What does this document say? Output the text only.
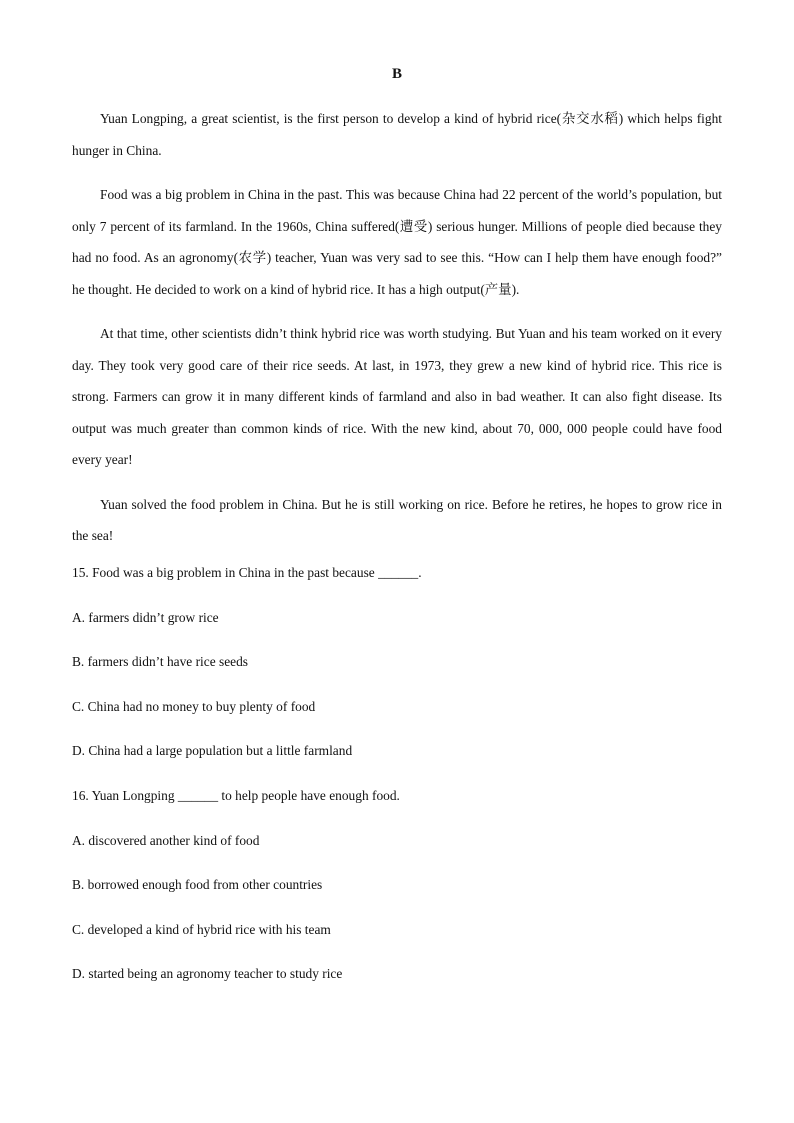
B

Yuan Longping, a great scientist, is the first person to develop a kind of hybrid rice(杂交水稻) which helps fight hunger in China.

Food was a big problem in China in the past. This was because China had 22 percent of the world’s population, but only 7 percent of its farmland. In the 1960s, China suffered(遭受) serious hunger. Millions of people died because they had no food. As an agronomy(农学) teacher, Yuan was very sad to see this. “How can I help them have enough food?” he thought. He decided to work on a kind of hybrid rice. It has a high output(产量).

At that time, other scientists didn’t think hybrid rice was worth studying. But Yuan and his team worked on it every day. They took very good care of their rice seeds. At last, in 1973, they grew a new kind of hybrid rice. This rice is strong. Farmers can grow it in many different kinds of farmland and also in bad weather. It can also fight disease. Its output was much greater than common kinds of rice. With the new kind, about 70, 000, 000 people could have food every year!

Yuan solved the food problem in China. But he is still working on rice. Before he retires, he hopes to grow rice in the sea!

15. Food was a big problem in China in the past because ______.
A. farmers didn’t grow rice
B. farmers didn’t have rice seeds
C. China had no money to buy plenty of food
D. China had a large population but a little farmland
16. Yuan Longping ______ to help people have enough food.
A. discovered another kind of food
B. borrowed enough food from other countries
C. developed a kind of hybrid rice with his team
D. started being an agronomy teacher to study rice
